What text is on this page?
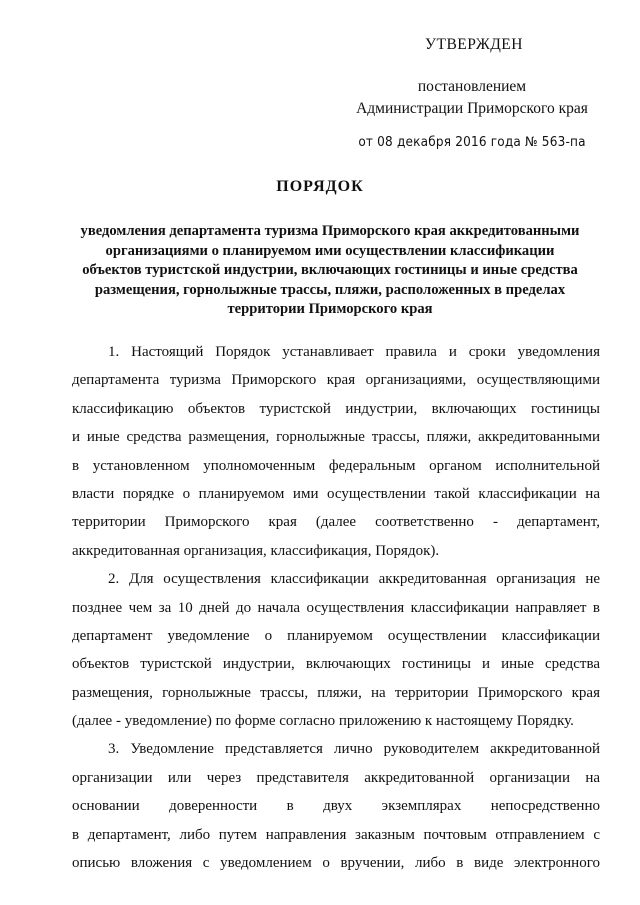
УТВЕРЖДЕН
постановлением
Администрации Приморского края
от 08 декабря 2016 года № 563-па
ПОРЯДОК
уведомления департамента туризма Приморского края аккредитованными
организациями о планируемом ими осуществлении классификации
объектов туристской индустрии, включающих гостиницы и иные средства
размещения, горнолыжные трассы, пляжи, расположенных в пределах
территории Приморского края
1. Настоящий Порядок устанавливает правила и сроки уведомления
департамента туризма Приморского края организациями, осуществляющими
классификацию объектов туристской индустрии, включающих гостиницы
и иные средства размещения, горнолыжные трассы, пляжи, аккредитованными
в установленном уполномоченным федеральным органом исполнительной
власти порядке о планируемом ими осуществлении такой классификации на
территории Приморского края (далее соответственно - департамент,
аккредитованная организация, классификация, Порядок).
2. Для осуществления классификации аккредитованная организация не
позднее чем за 10 дней до начала осуществления классификации направляет в
департамент уведомление о планируемом осуществлении классификации
объектов туристской индустрии, включающих гостиницы и иные средства
размещения, горнолыжные трассы, пляжи, на территории Приморского края
(далее - уведомление) по форме согласно приложению к настоящему Порядку.
3. Уведомление представляется лично руководителем аккредитованной
организации или через представителя аккредитованной организации на
основании доверенности в двух экземплярах непосредственно
в департамент, либо путем направления заказным почтовым отправлением с
описью вложения с уведомлением о вручении, либо в виде электронного
